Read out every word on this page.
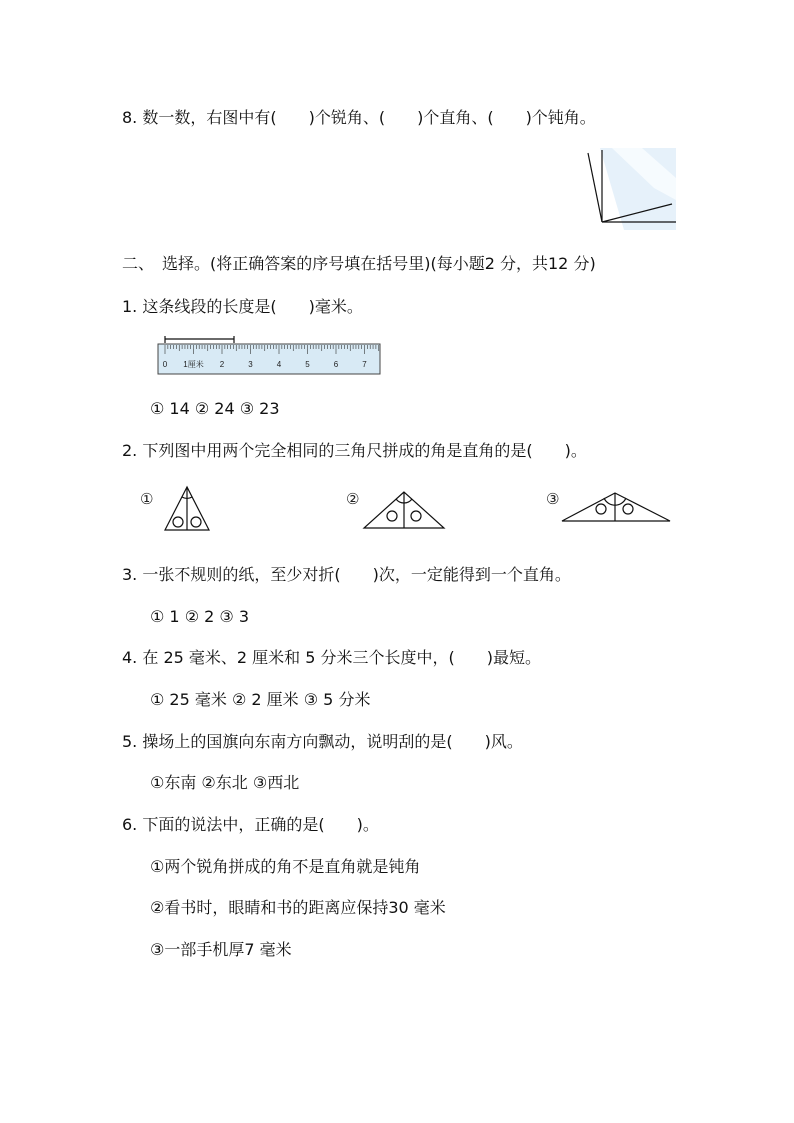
8. 数一数，右图中有(　　)个锐角、(　　)个直角、(　　)个钝角。
二、　选择。(将正确答案的序号填在括号里)(每小题2 分，共12 分)
1. 这条线段的长度是(　　)毫米。
0 1厘米 2	3	4	5	6	7
① 14 ② 24 ③ 23
2. 下列图中用两个完全相同的三角尺拼成的角是直角的是(　　)。
①	②	③
3. 一张不规则的纸，至少对折(　　)次，一定能得到一个直角。
① 1 ② 2 ③ 3
4. 在 25 毫米、2 厘米和 5 分米三个长度中，(　　)最短。
① 25 毫米 ② 2 厘米 ③ 5 分米
5. 操场上的国旗向东南方向飘动，说明刮的是(　　)风。
①东南 ②东北 ③西北
6. 下面的说法中，正确的是(　　)。
①两个锐角拼成的角不是直角就是钝角
②看书时，眼睛和书的距离应保持30 毫米
③一部手机厚7 毫米
